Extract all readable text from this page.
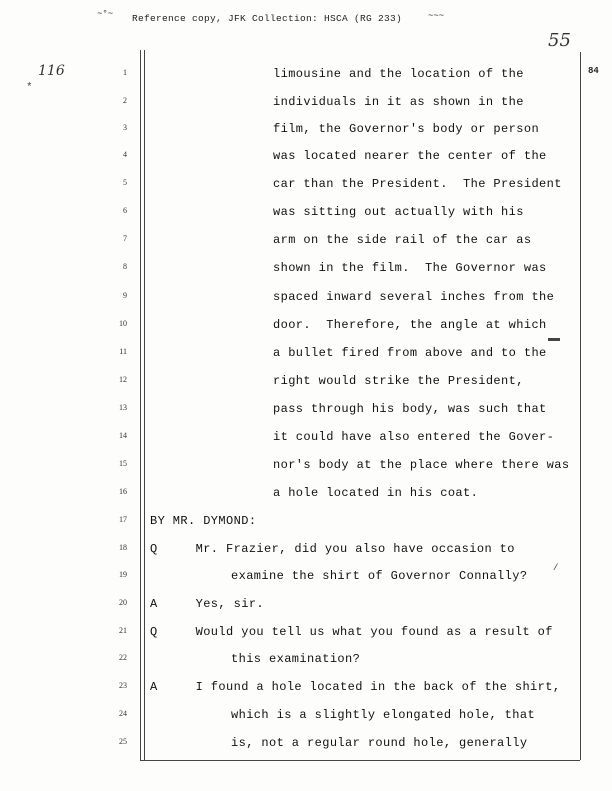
Reference copy, JFK Collection: HSCA (RG 233)
~°~	~~~
55
116
*
84
/
1
2
3
4
5
6
7
8
9
10
11
12
13
14
15
16
17
18
19
20
21
22
23
24
25
limousine and the location of the
individuals in it as shown in the
film, the Governor's body or person
was located nearer the center of the
car than the President.  The President
was sitting out actually with his
arm on the side rail of the car as
shown in the film.  The Governor was
spaced inward several inches from the
door.  Therefore, the angle at which
a bullet fired from above and to the
right would strike the President,
pass through his body, was such that
it could have also entered the Gover-
nor's body at the place where there was
a hole located in his coat.
BY MR. DYMOND:
Q     Mr. Frazier, did you also have occasion to
examine the shirt of Governor Connally?
A     Yes, sir.
Q     Would you tell us what you found as a result of
this examination?
A     I found a hole located in the back of the shirt,
which is a slightly elongated hole, that
is, not a regular round hole, generally
